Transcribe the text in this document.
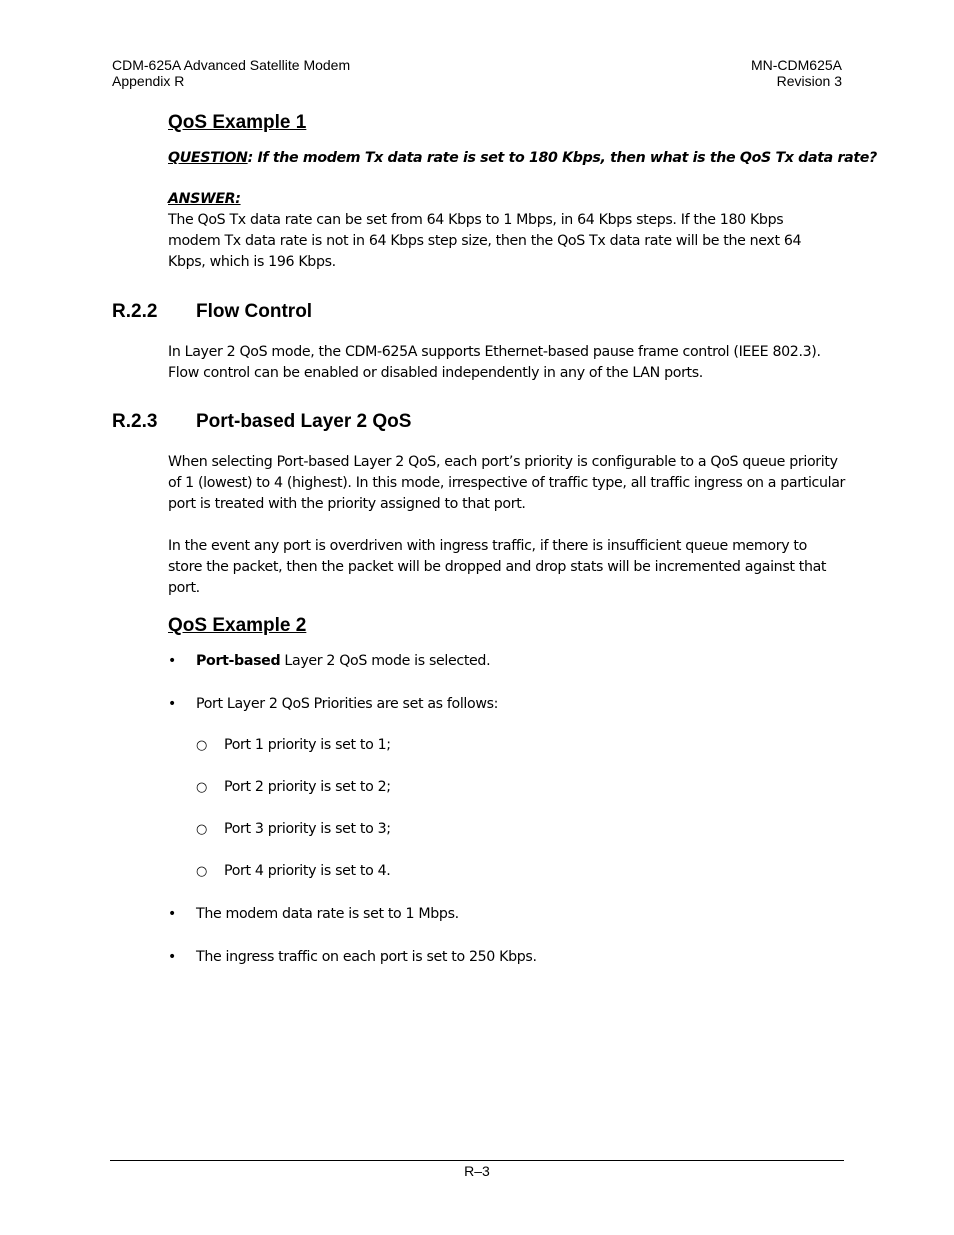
CDM-625A Advanced Satellite Modem
Appendix R
MN-CDM625A
Revision 3
QoS Example 1
QUESTION: If the modem Tx data rate is set to 180 Kbps, then what is the QoS Tx data rate?
ANSWER:
The QoS Tx data rate can be set from 64 Kbps to 1 Mbps, in 64 Kbps steps. If the 180 Kbps modem Tx data rate is not in 64 Kbps step size, then the QoS Tx data rate will be the next 64 Kbps, which is 196 Kbps.
R.2.2 Flow Control
In Layer 2 QoS mode, the CDM-625A supports Ethernet-based pause frame control (IEEE 802.3). Flow control can be enabled or disabled independently in any of the LAN ports.
R.2.3 Port-based Layer 2 QoS
When selecting Port-based Layer 2 QoS, each port’s priority is configurable to a QoS queue priority of 1 (lowest) to 4 (highest). In this mode, irrespective of traffic type, all traffic ingress on a particular port is treated with the priority assigned to that port.
In the event any port is overdriven with ingress traffic, if there is insufficient queue memory to store the packet, then the packet will be dropped and drop stats will be incremented against that port.
QoS Example 2
• Port-based Layer 2 QoS mode is selected.
• Port Layer 2 QoS Priorities are set as follows:
○ Port 1 priority is set to 1;
○ Port 2 priority is set to 2;
○ Port 3 priority is set to 3;
○ Port 4 priority is set to 4.
• The modem data rate is set to 1 Mbps.
• The ingress traffic on each port is set to 250 Kbps.
R–3
